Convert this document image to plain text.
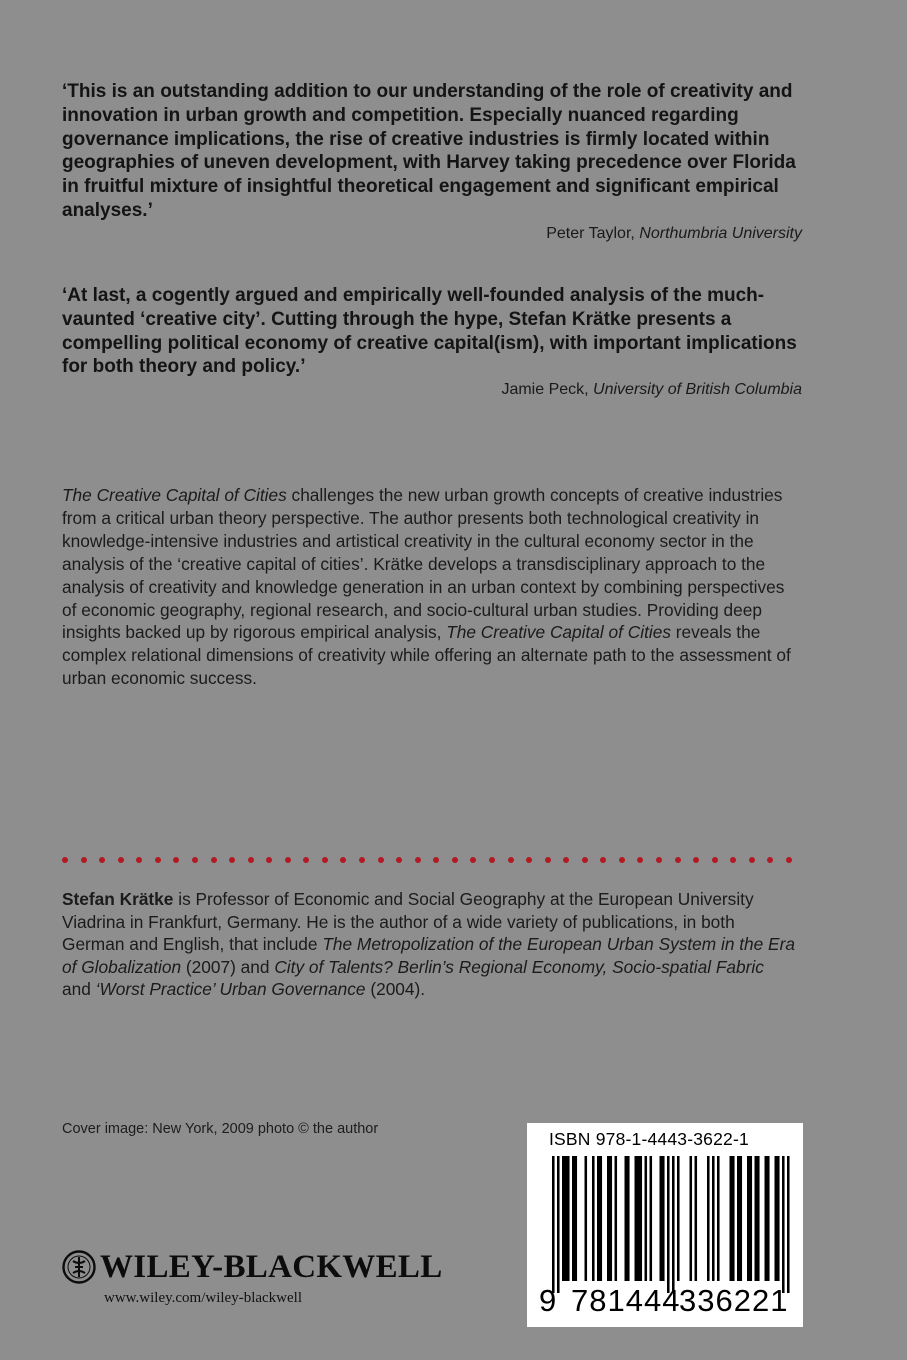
‘This is an outstanding addition to our understanding of the role of creativity and innovation in urban growth and competition. Especially nuanced regarding governance implications, the rise of creative industries is firmly located within geographies of uneven development, with Harvey taking precedence over Florida in fruitful mixture of insightful theoretical engagement and significant empirical analyses.’
Peter Taylor, Northumbria University
‘At last, a cogently argued and empirically well-founded analysis of the much-vaunted ‘creative city’. Cutting through the hype, Stefan Krätke presents a compelling political economy of creative capital(ism), with important implications for both theory and policy.’
Jamie Peck, University of British Columbia
The Creative Capital of Cities challenges the new urban growth concepts of creative industries from a critical urban theory perspective. The author presents both technological creativity in knowledge-intensive industries and artistical creativity in the cultural economy sector in the analysis of the ‘creative capital of cities’. Krätke develops a transdisciplinary approach to the analysis of creativity and knowledge generation in an urban context by combining perspectives of economic geography, regional research, and socio-cultural urban studies. Providing deep insights backed up by rigorous empirical analysis, The Creative Capital of Cities reveals the complex relational dimensions of creativity while offering an alternate path to the assessment of urban economic success.
Stefan Krätke is Professor of Economic and Social Geography at the European University Viadrina in Frankfurt, Germany. He is the author of a wide variety of publications, in both German and English, that include The Metropolization of the European Urban System in the Era of Globalization (2007) and City of Talents? Berlin’s Regional Economy, Socio-spatial Fabric and ‘Worst Practice’ Urban Governance (2004).
Cover image: New York, 2009 photo © the author
WILEY-BLACKWELL
www.wiley.com/wiley-blackwell
ISBN 978-1-4443-3622-1
9 781444
336221
